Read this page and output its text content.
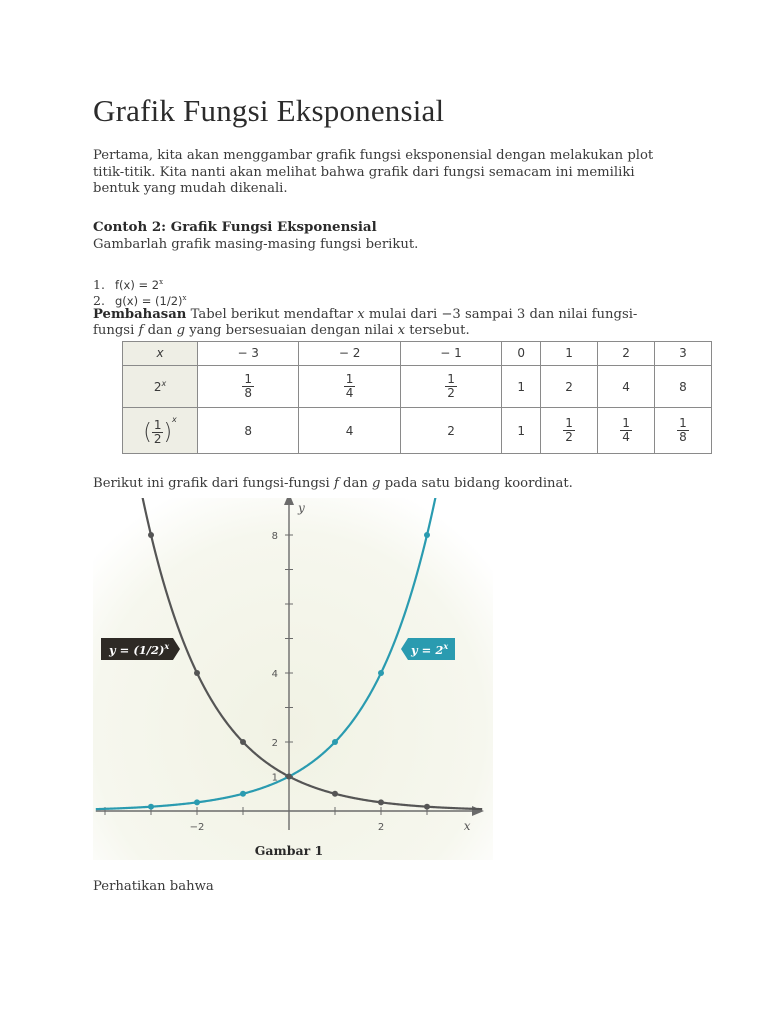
Grafik Fungsi Eksponensial

Pertama, kita akan menggambar grafik fungsi eksponensial dengan melakukan plot titik-titik. Kita nanti akan melihat bahwa grafik dari fungsi semacam ini memiliki bentuk yang mudah dikenali.

Contoh 2: Grafik Fungsi Eksponensial

Gambarlah grafik masing-masing fungsi berikut.

1. f(x) = 2$^x$
2. g(x) = (1/2)$^x$

Pembahasan Tabel berikut mendaftar x mulai dari −3 sampai 3 dan nilai fungsi-fungsi f dan g yang bersesuaian dengan nilai x tersebut.

x	− 3	− 2	− 1	0	1	2	3
2$^x$	$\frac{1}{8}$	$\frac{1}{4}$	$\frac{1}{2}$	1	2	4	8
( $\frac{1}{2} )^x$	8	4	2	1	$\frac{1}{2}$	$\frac{1}{4}$	$\frac{1}{8}$

Berikut ini grafik dari fungsi-fungsi f dan g pada satu bidang koordinat.

−2	2
1
2
4
8
x
y
$y = (1/2)^x$	$y = 2^x$
Gambar 1

Perhatikan bahwa
